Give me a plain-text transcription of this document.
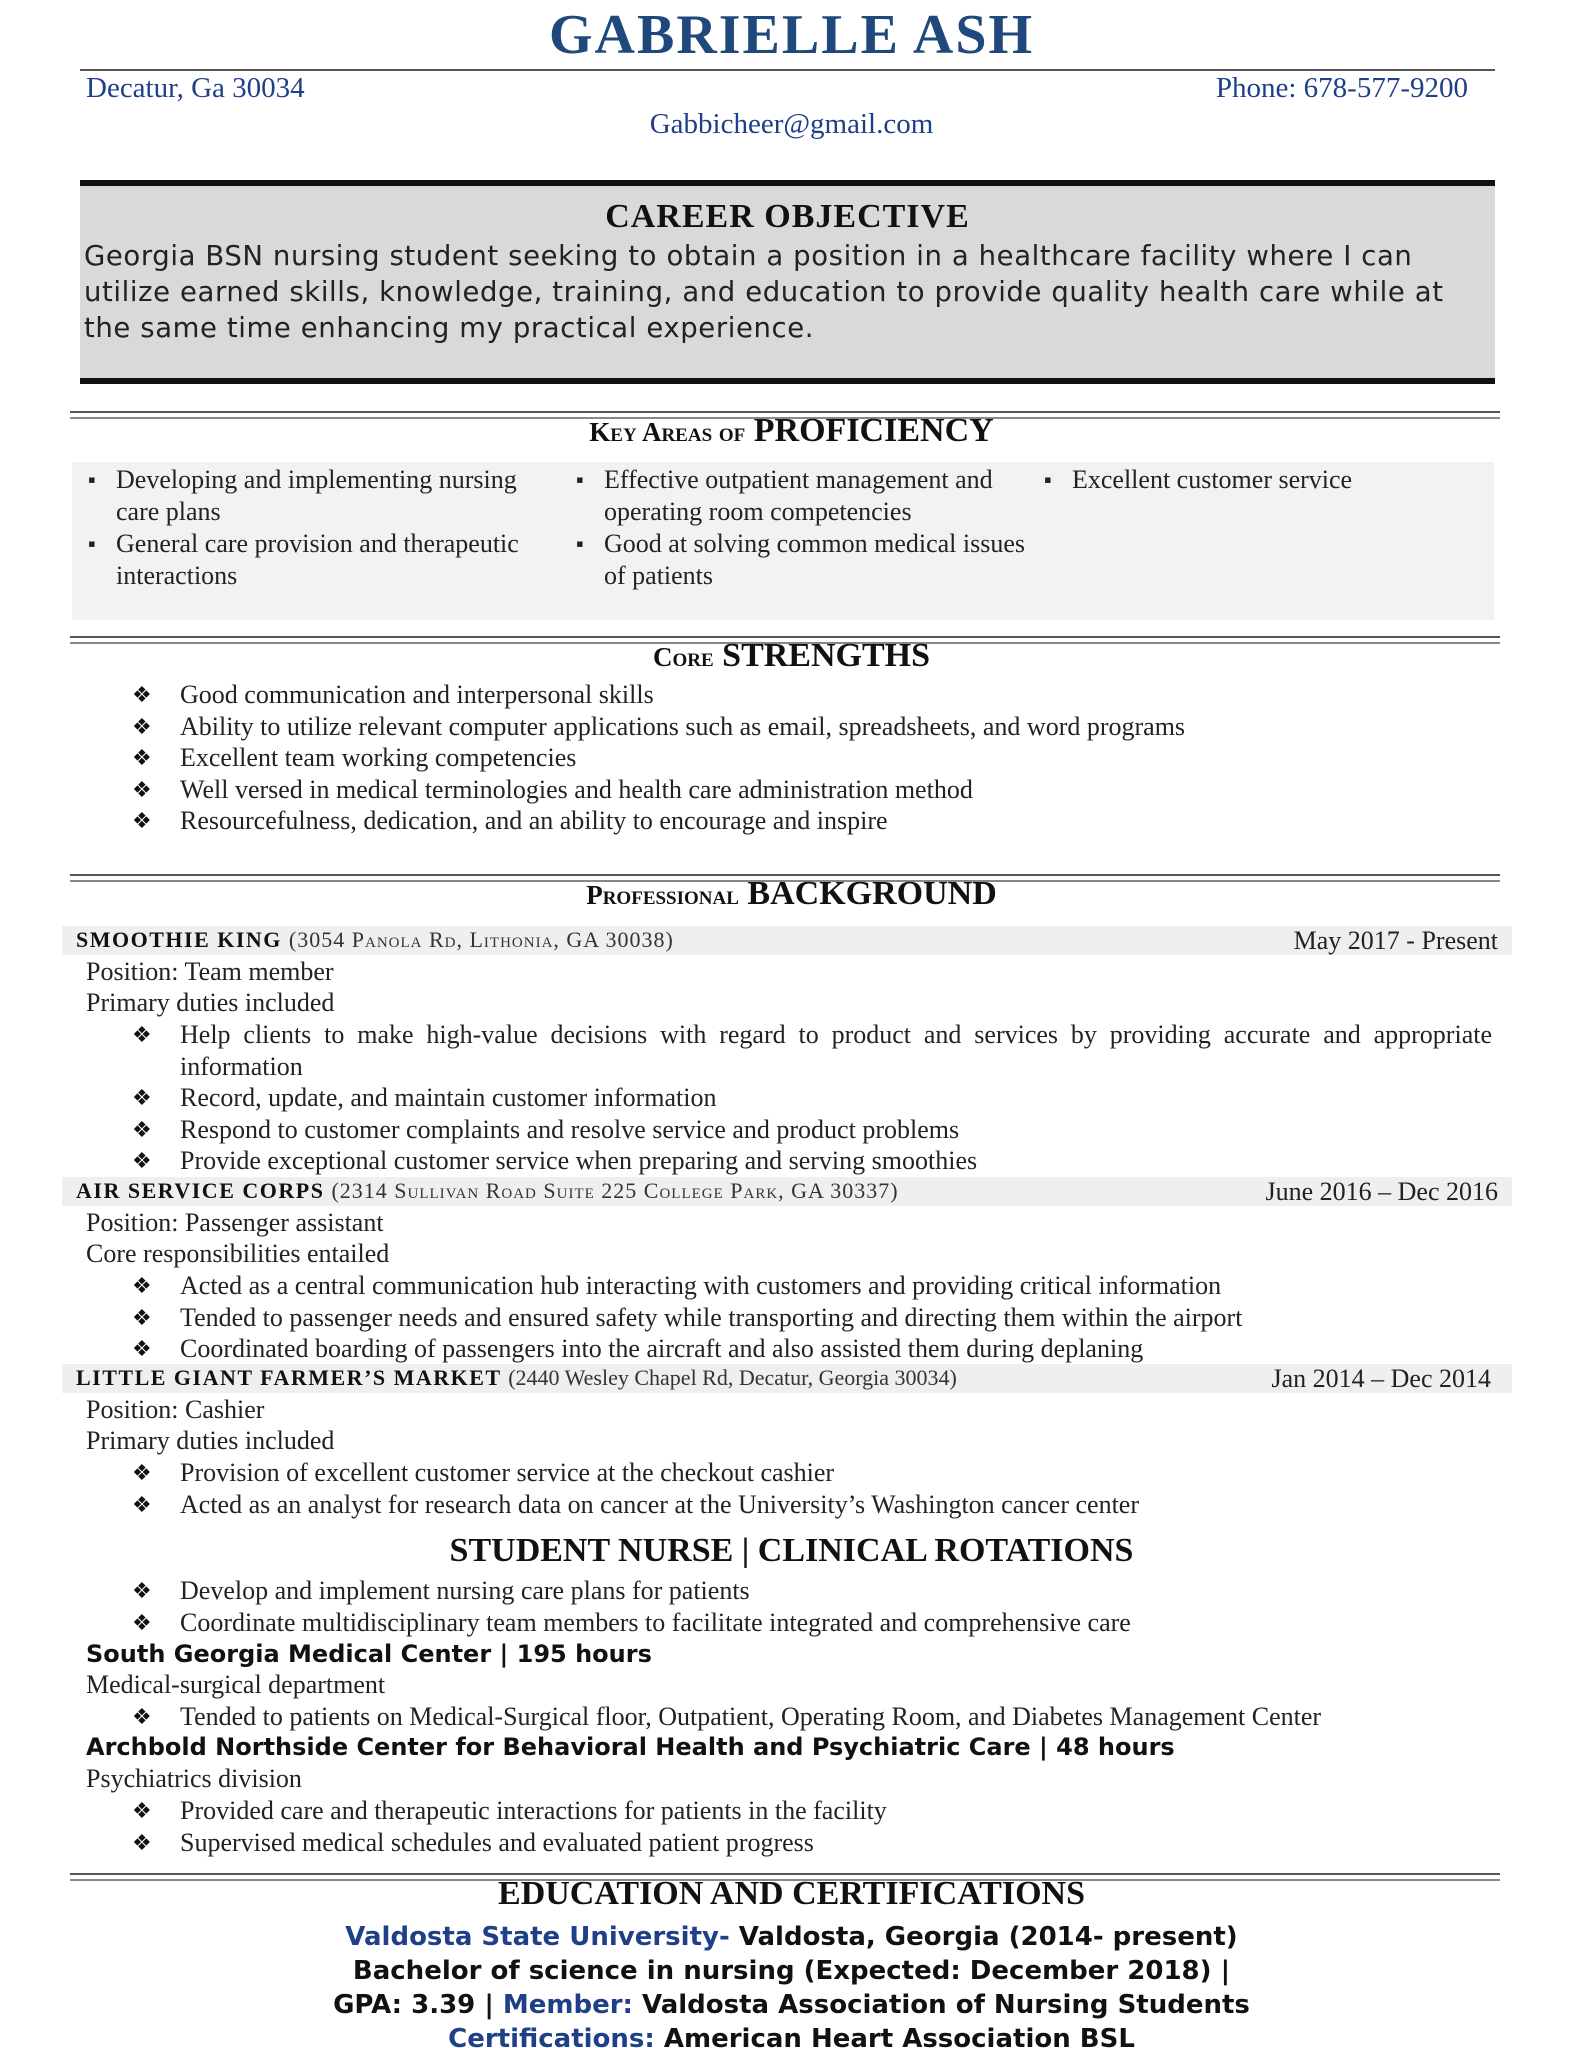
GABRIELLE ASH
Decatur, Ga 30034	Phone: 678-577-9200
Gabbicheer@gmail.com
CAREER OBJECTIVE

Georgia BSN nursing student seeking to obtain a position in a healthcare facility where I can utilize earned skills, knowledge, training, and education to provide quality health care while at the same time enhancing my practical experience.

Key Areas of PROFICIENCY
▪ Developing and implementing nursing care plans
▪ General care provision and therapeutic interactions
▪ Effective outpatient management and operating room competencies
▪ Good at solving common medical issues of patients
▪ Excellent customer service
Core STRENGTHS
❖ Good communication and interpersonal skills
❖ Ability to utilize relevant computer applications such as email, spreadsheets, and word programs
❖ Excellent team working competencies
❖ Well versed in medical terminologies and health care administration method
❖ Resourcefulness, dedication, and an ability to encourage and inspire
Professional BACKGROUND
SMOOTHIE KING (3054 Panola Rd, Lithonia, GA 30038)	May 2017 - Present
Position: Team member
Primary duties included
❖ Help clients to make high-value decisions with regard to product and services by providing accurate and appropriate information
❖ Record, update, and maintain customer information
❖ Respond to customer complaints and resolve service and product problems
❖ Provide exceptional customer service when preparing and serving smoothies
AIR SERVICE CORPS (2314 Sullivan Road Suite 225 College Park, GA 30337)	June 2016 – Dec 2016
Position: Passenger assistant
Core responsibilities entailed
❖ Acted as a central communication hub interacting with customers and providing critical information
❖ Tended to passenger needs and ensured safety while transporting and directing them within the airport
❖ Coordinated boarding of passengers into the aircraft and also assisted them during deplaning
LITTLE GIANT FARMER’S MARKET (2440 Wesley Chapel Rd, Decatur, Georgia 30034)	Jan 2014 – Dec 2014
Position: Cashier
Primary duties included
❖ Provision of excellent customer service at the checkout cashier
❖ Acted as an analyst for research data on cancer at the University’s Washington cancer center
STUDENT NURSE | CLINICAL ROTATIONS
❖ Develop and implement nursing care plans for patients
❖ Coordinate multidisciplinary team members to facilitate integrated and comprehensive care
South Georgia Medical Center | 195 hours
Medical-surgical department
❖ Tended to patients on Medical-Surgical floor, Outpatient, Operating Room, and Diabetes Management Center
Archbold Northside Center for Behavioral Health and Psychiatric Care | 48 hours
Psychiatrics division
❖ Provided care and therapeutic interactions for patients in the facility
❖ Supervised medical schedules and evaluated patient progress
EDUCATION AND CERTIFICATIONS
Valdosta State University- Valdosta, Georgia (2014- present)
Bachelor of science in nursing (Expected: December 2018) |
GPA: 3.39 | Member: Valdosta Association of Nursing Students
Certifications: American Heart Association BSL
